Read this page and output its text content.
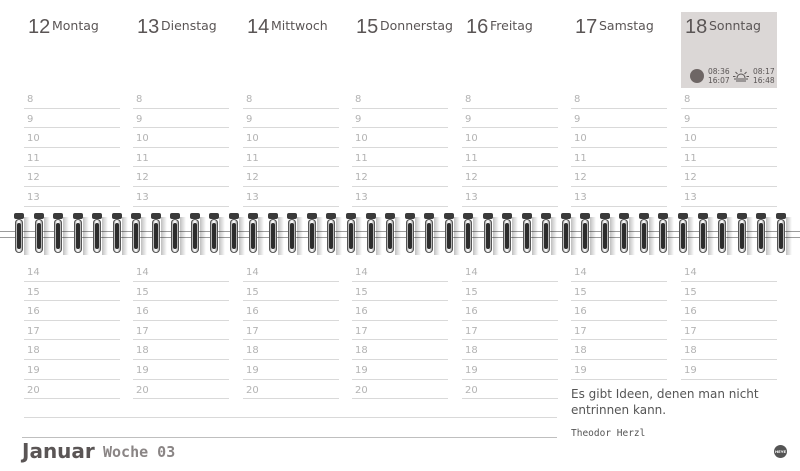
12 Montag
8
9
10
11
12
13
14
15
16
17
18
19
20
13 Dienstag
8
9
10
11
12
13
14
15
16
17
18
19
20
14 Mittwoch
8
9
10
11
12
13
14
15
16
17
18
19
20
15 Donnerstag
8
9
10
11
12
13
14
15
16
17
18
19
20
16 Freitag
8
9
10
11
12
13
14
15
16
17
18
19
20
17 Samstag
8
9
10
11
12
13
14
15
16
17
18
19
18 Sonntag
08:36
16:07
08:17
16:48
8
9
10
11
12
13
14
15
16
17
18
19
Es gibt Ideen, denen man nicht entrinnen kann.
Theodor Herzl
Januar Woche 03	HEYE
